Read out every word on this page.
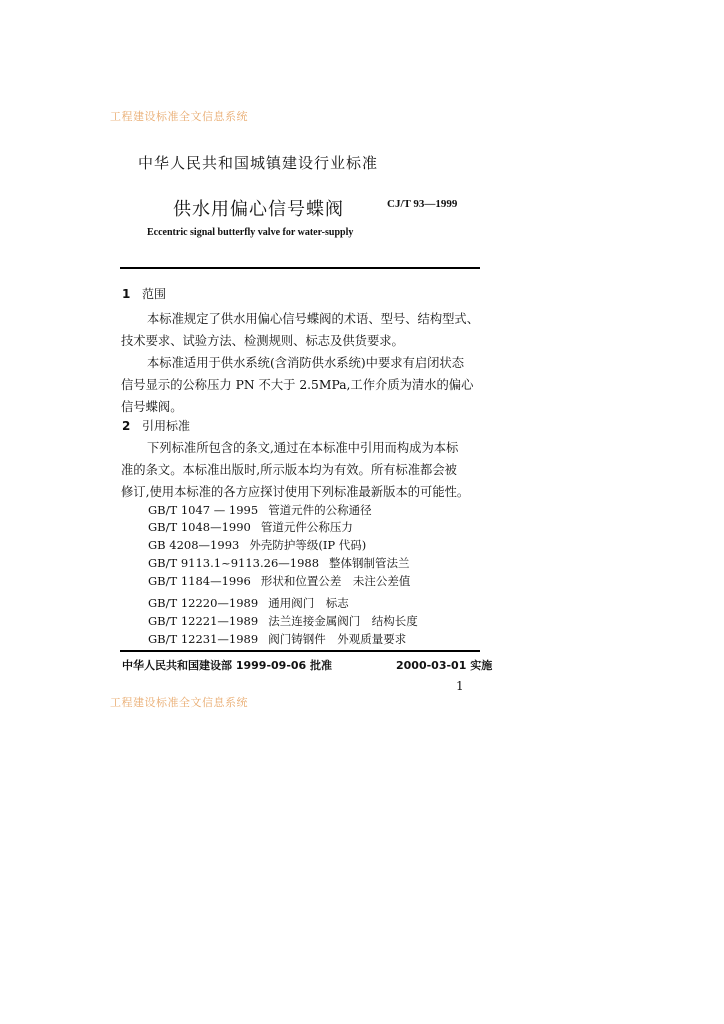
工程建设标准全文信息系统
中华人民共和国城镇建设行业标准
供水用偏心信号蝶阀	CJ/T 93—1999
Eccentric signal butterfly valve for water-supply
1 范围
本标准规定了供水用偏心信号蝶阀的术语、型号、结构型式、
技术要求、试验方法、检测规则、标志及供货要求。
本标准适用于供水系统(含消防供水系统)中要求有启闭状态
信号显示的公称压力 PN 不大于 2.5MPa,工作介质为清水的偏心
信号蝶阀。
2 引用标准
下列标准所包含的条文,通过在本标准中引用而构成为本标
准的条文。本标准出版时,所示版本均为有效。所有标准都会被
修订,使用本标准的各方应探讨使用下列标准最新版本的可能性。
GB/T 1047 — 1995 管道元件的公称通径
GB/T 1048—1990 管道元件公称压力
GB 4208—1993 外壳防护等级(IP 代码)
GB/T 9113.1~9113.26—1988 整体钢制管法兰
GB/T 1184—1996 形状和位置公差　未注公差值
GB/T 12220—1989 通用阀门　标志
GB/T 12221—1989 法兰连接金属阀门　结构长度
GB/T 12231—1989 阀门铸钢件　外观质量要求
中华人民共和国建设部 1999-09-06 批准	2000-03-01 实施
1
工程建设标准全文信息系统
